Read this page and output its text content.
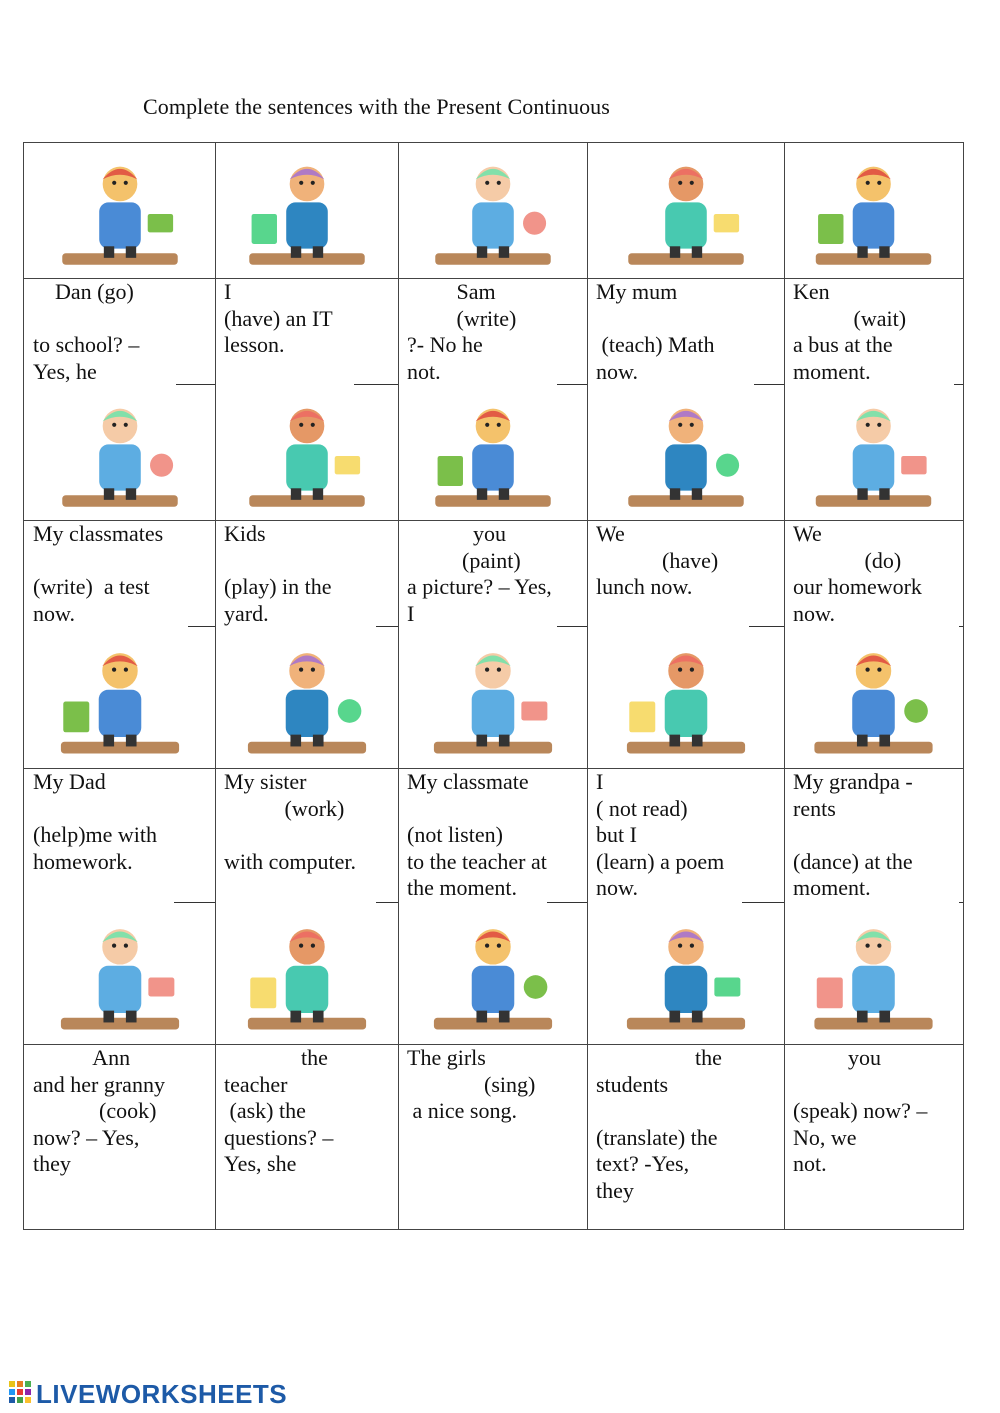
Complete the sentences with the Present Continuous
Dan (go)

to school? –
Yes, he
I
(have) an IT
lesson.
Sam
(write)
?- No he
not.
My mum

(teach) Math
now.
Ken
(wait)
a bus at the
moment.
My classmates

(write)  a test
now.
Kids

(play) in the
yard.
you
(paint)
a picture? – Yes,
I
We
(have)
lunch now.
We
(do)
our homework
now.
My Dad

(help)me with
homework.
My sister
(work)

with computer.
My classmate

(not listen)
to the teacher at
the moment.
I
( not read)
but I
(learn) a poem
now.
My grandpa -
rents

(dance) at the
moment.
Ann
and her granny
(cook)
now? – Yes,
they
the
teacher
(ask) the
questions? –
Yes, she
The girls
(sing)
a nice song.
the
students

(translate) the
text? -Yes,
they
you

(speak) now? –
No, we
not.
LIVEWORKSHEETS
